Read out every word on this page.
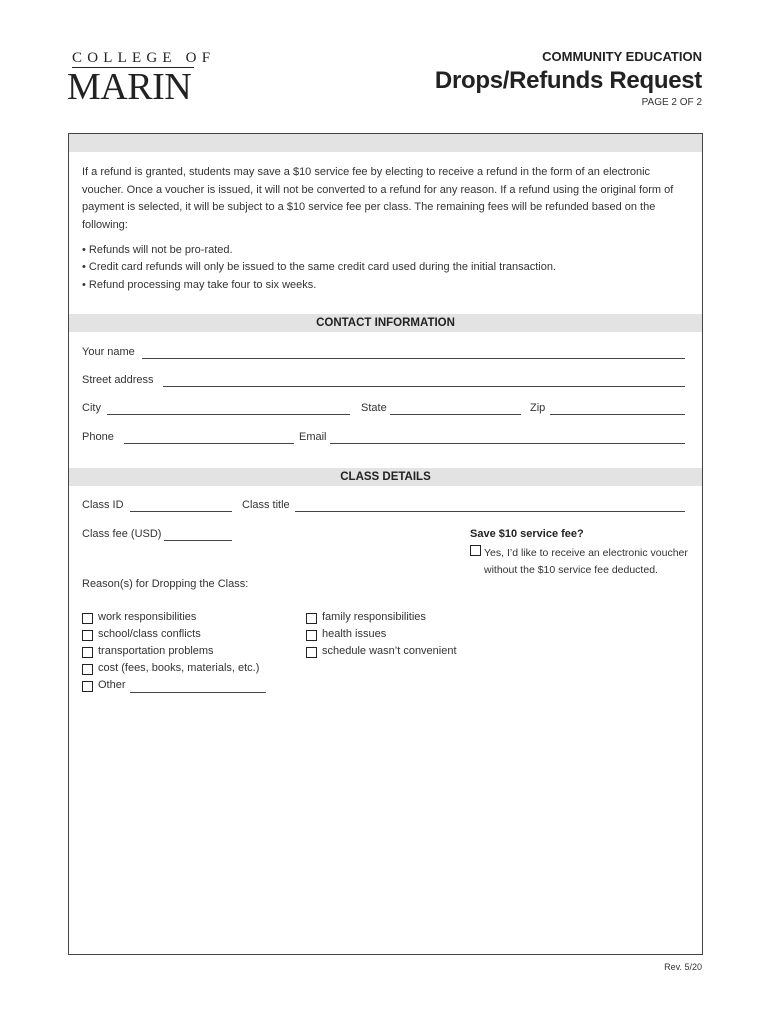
COLLEGE OF
MARIN
COMMUNITY EDUCATION
Drops/Refunds Request
PAGE 2 OF 2
CONTACT INFORMATION
CLASS DETAILS
If a refund is granted, students may save a $10 service fee by electing to receive a refund in the form of an electronic voucher. Once a voucher is issued, it will not be converted to a refund for any reason. If a refund using the original form of payment is selected, it will be subject to a $10 service fee per class. The remaining fees will be refunded based on the following:
• Refunds will not be pro-rated.
• Credit card refunds will only be issued to the same credit card used during the initial transaction.
• Refund processing may take four to six weeks.
Your name
Street address
City	State	Zip
Phone	Email
Class ID	Class title
Class fee (USD)	Save $10 service fee?
Yes, I’d like to receive an electronic voucher
without the $10 service fee deducted.
Reason(s) for Dropping the Class:
work responsibilities
school/class conflicts
transportation problems
cost (fees, books, materials, etc.)
Other
family responsibilities
health issues
schedule wasn’t convenient
Rev. 5/20
